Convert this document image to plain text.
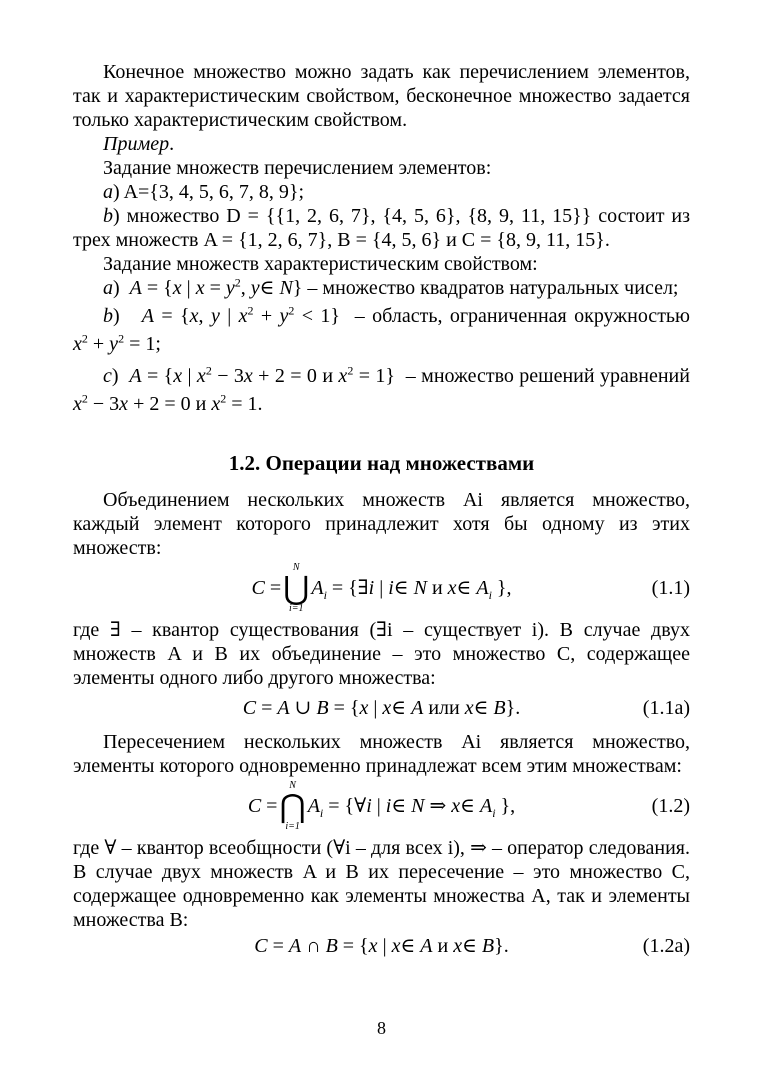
Конечное множество можно задать как перечислением элементов, так и характеристическим свойством, бесконечное множество задается только характеристическим свойством.

Пример.

Задание множеств перечислением элементов:

a) A={3, 4, 5, 6, 7, 8, 9};

b) множество D = {{1, 2, 6, 7}, {4, 5, 6}, {8, 9, 11, 15}} состоит из трех множеств A = {1, 2, 6, 7}, B = {4, 5, 6} и C = {8, 9, 11, 15}.

Задание множеств характеристическим свойством:

a)  A = {x | $x = y^2$, y∈ N} – множество квадратов натуральных чисел;

b)   A = {x, y | $x^2 + y^2 < 1$}  – область, ограниченная окружностью

$x^2 + y^2 = 1$;

c)  A = {x | $x^2 - 3x + 2 = 0$ и $x^2 = 1$}  – множество решений уравнений

$x^2 - 3x + 2 = 0$ и $x^2 = 1$.

1.2. Операции над множествами

Объединением нескольких множеств Ai является множество, каждый элемент которого принадлежит хотя бы одному из этих множеств:

C =
N
⋃
i=1
$A_i$ = {∃i | i∈ N и x∈ $A_i$ },	(1.1)

где ∃ – квантор существования (∃i – существует i). В случае двух множеств A и B их объединение – это множество C, содержащее элементы одного либо другого множества:

C = A ∪ B = {x | x∈ A или x∈ B}.	(1.1a)

Пересечением нескольких множеств Ai является множество, элементы которого одновременно принадлежат всем этим множествам:

C =
N
⋂
i=1
$A_i$ = {∀i | i∈ N ⇒ x∈ $A_i$ },	(1.2)

где ∀ – квантор всеобщности (∀i – для всех i), ⇒ – оператор следования. В случае двух множеств A и B их пересечение – это множество C, содержащее одновременно как элементы множества A, так и элементы множества B:

C = A ∩ B = {x | x∈ A и x∈ B}.	(1.2a)
8
